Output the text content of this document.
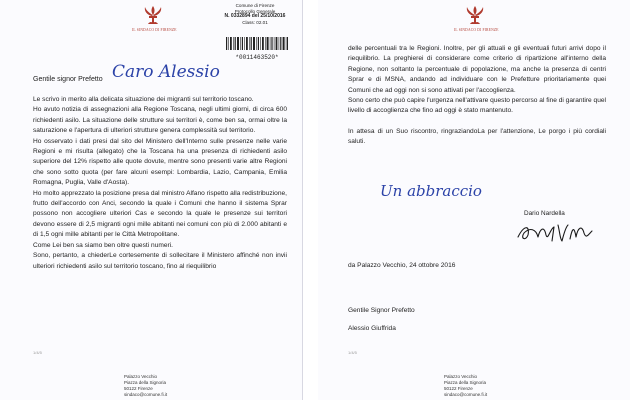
IL SINDACO DI FIRENZE
Comune di Firenze
Protocollo Generale
N. 0332894 del 25/10/2016
Class: 02.01
*0011463520*
Gentile signor Prefetto Caro Alessio

Le scrivo in merito alla delicata situazione dei migranti sul territorio toscano.

Ho avuto notizia di assegnazioni alla Regione Toscana, negli ultimi giorni, di circa 600 richiedenti asilo. La situazione delle strutture sui territori è, come ben sa, ormai oltre la saturazione e l'apertura di ulteriori strutture genera complessità sul territorio.

Ho osservato i dati presi dal sito del Ministero dell'Interno sulle presenze nelle varie Regioni e mi risulta (allegato) che la Toscana ha una presenza di richiedenti asilo superiore del 12% rispetto alle quote dovute, mentre sono presenti varie altre Regioni che sono sotto quota (per fare alcuni esempi: Lombardia, Lazio, Campania, Emilia Romagna, Puglia, Valle d'Aosta).

Ho molto apprezzato la posizione presa dal ministro Alfano rispetto alla redistribuzione, frutto dell'accordo con Anci, secondo la quale i Comuni che hanno il sistema Sprar possono non accogliere ulteriori Cas e secondo la quale le presenze sui territori devono essere di 2,5 migranti ogni mille abitanti nei comuni con più di 2.000 abitanti e di 1,5 ogni mille abitanti per le Città Metropolitane.

Come Lei ben sa siamo ben oltre questi numeri.

Sono, pertanto, a chiederLe cortesemente di sollecitare il Ministero affinché non invii ulteriori richiedenti asilo sul territorio toscano, fino al riequilibrio

1/4/5
Palazzo Vecchio
Piazza della Signoria
50122 Firenze
sindaco@comune.fi.it
IL SINDACO DI FIRENZE

delle percentuali tra le Regioni. Inoltre, per gli attuali e gli eventuali futuri arrivi dopo il riequilibrio. La preghierei di considerare come criterio di ripartizione all'interno della Regione, non soltanto la percentuale di popolazione, ma anche la presenza di centri Sprar e di MSNA, andando ad individuare con le Prefetture prioritariamente quei Comuni che ad oggi non si sono attivati per l'accoglienza.

Sono certo che può capire l'urgenza nell'attivare questo percorso al fine di garantire quel livello di accoglienza che fino ad oggi è stato mantenuto.

In attesa di un Suo riscontro, ringraziandoLa per l'attenzione, Le porgo i più cordiali saluti.

Un abbraccio
Dario Nardella
da Palazzo Vecchio, 24 ottobre 2016
Gentile Signor Prefetto
Alessio Giuffrida
1/4/5
Palazzo Vecchio
Piazza della Signoria
50122 Firenze
sindaco@comune.fi.it
